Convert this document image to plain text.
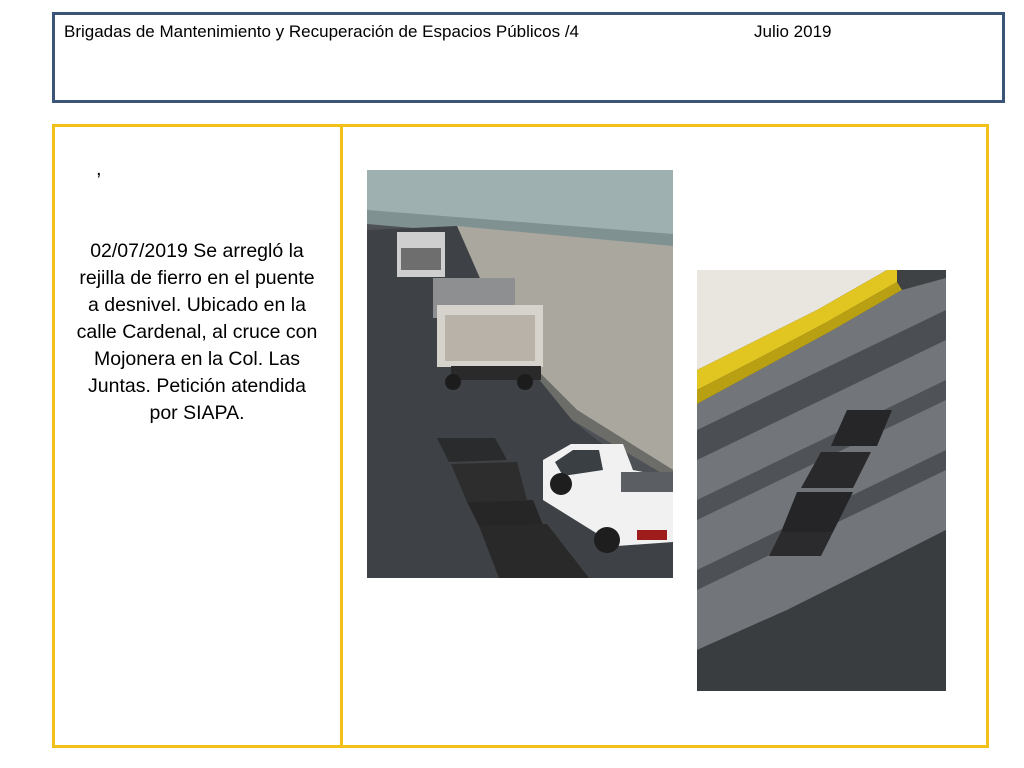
Brigadas de Mantenimiento y Recuperación de Espacios Públicos /4	Julio 2019
,
02/07/2019 Se arregló la rejilla de fierro en el puente a desnivel. Ubicado en la calle Cardenal, al cruce con Mojonera en la Col. Las Juntas. Petición atendida por SIAPA.
